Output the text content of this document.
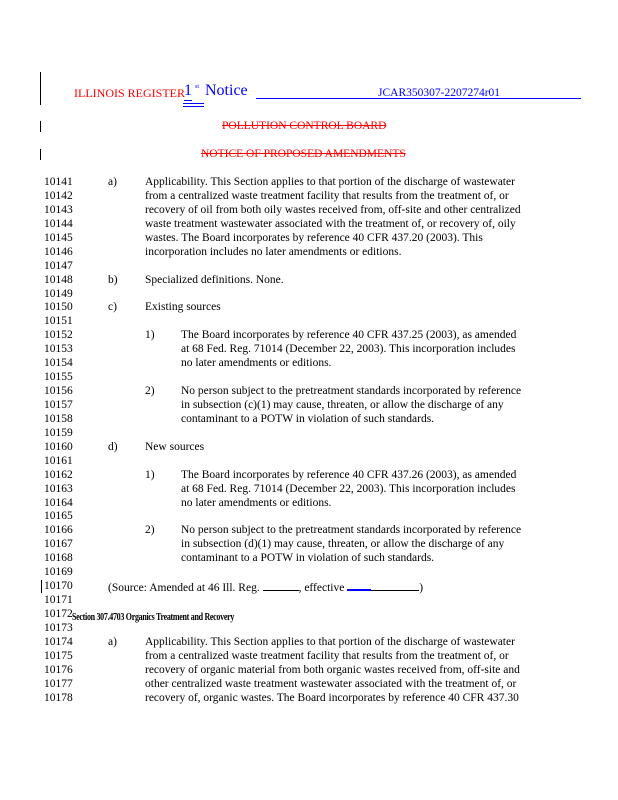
ILLINOIS REGISTER 1 st Notice	JCAR350307-2207274r01
POLLUTION CONTROL BOARD
NOTICE OF PROPOSED AMENDMENTS
10141
10142
10143
10144
10145
10146
10147
10148
10149
10150
10151
10152
10153
10154
10155
10156
10157
10158
10159
10160
10161
10162
10163
10164
10165
10166
10167
10168
10169
10170
10171
10172
10173
10174
10175
10176
10177
10178
a) Applicability. This Section applies to that portion of the discharge of wastewater
from a centralized waste treatment facility that results from the treatment of, or
recovery of oil from both oily wastes received from, off-site and other centralized
waste treatment wastewater associated with the treatment of, or recovery of, oily
wastes. The Board incorporates by reference 40 CFR 437.20 (2003). This
incorporation includes no later amendments or editions.
b) Specialized definitions. None.
c) Existing sources
1) The Board incorporates by reference 40 CFR 437.25 (2003), as amended
at 68 Fed. Reg. 71014 (December 22, 2003). This incorporation includes
no later amendments or editions.
2) No person subject to the pretreatment standards incorporated by reference
in subsection (c)(1) may cause, threaten, or allow the discharge of any
contaminant to a POTW in violation of such standards.
d) New sources
1) The Board incorporates by reference 40 CFR 437.26 (2003), as amended
at 68 Fed. Reg. 71014 (December 22, 2003). This incorporation includes
no later amendments or editions.
2) No person subject to the pretreatment standards incorporated by reference
in subsection (d)(1) may cause, threaten, or allow the discharge of any
contaminant to a POTW in violation of such standards.
(Source: Amended at 46 Ill. Reg.	, effective	)
Section 307.4703 Organics Treatment and Recovery
a) Applicability. This Section applies to that portion of the discharge of wastewater
from a centralized waste treatment facility that results from the treatment of, or
recovery of organic material from both organic wastes received from, off-site and
other centralized waste treatment wastewater associated with the treatment of, or
recovery of, organic wastes. The Board incorporates by reference 40 CFR 437.30
